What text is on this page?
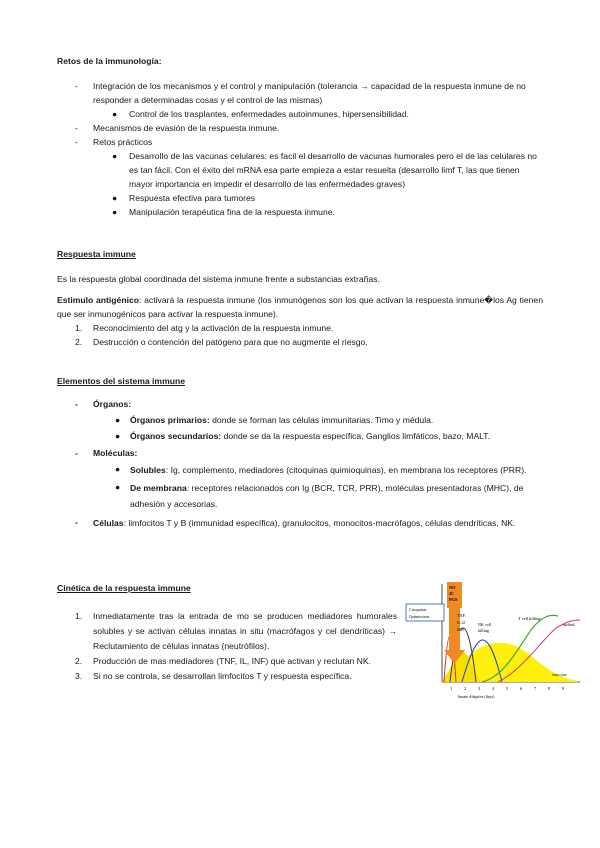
Retos de la immunología:
-	Integración de los mecanismos y el control y manipulación (tolerancia → capacidad de la respuesta inmune de no responder a determinadas cosas y el control de las mismas)
●	Control de los trasplantes, enfermedades autoinmunes, hipersensibilidad.
-	Mecanismos de evasión de la respuesta inmune.
-	Retos prácticos
●	Desarrollo de las vacunas celulares: es facil el desarrollo de vacunas humorales pero el de las celulares no es tan fácil. Con el éxito del mRNA esa parte empieza a estar resuelta (desarrollo limf T, las que tienen mayor importancia en impedir el desarrollo de las enfermedades graves)
●	Respuesta efectiva para tumores
●	Manipulación terapéutica fina de la respuesta inmune.
Respuesta immune
Es la respuesta global coordinada del sistema inmune frente a substancias extrañas.
Estimulo antigénico: activará la respuesta inmune (los inmunógenos son los que activan la respuesta inmune�los Ag tienen que ser inmunogénicos para activar la respuesta inmune).
1.	Reconocimiento del atg y la activación de la respuesta inmune.
2.	Destrucción o contención del patógeno para que no augmente el riesgo.
Elementos del sistema immune
-	Órganos:
●	Órganos primarios: donde se forman las células immunitarias. Timo y médula.
●	Órganos secundarios: donde se da la respuesta específica. Ganglios limfáticos, bazo, MALT.
-	Moléculas:
●	Solubles: Ig, complemento, mediadores (citoquinas quimioquinas), en membrana los receptores (PRR).
●	De membrana: receptores relacionados con Ig (BCR, TCR, PRR), moléculas presentadoras (MHC), de adhesión y accesorias.
-	Células: limfocitos T y B (immunidad específica), granulocitos, monocitos-macrófagos, células dendríticas, NK.
Cinética de la respuesta immune
1.	Inmediatamente tras la entrada de mo se producen mediadores humorales solubles y se activan células innatas in situ (macrófagos y cel dendríticas) → Reclutamiento de células innatas (neutrófilos).
2.	Producción de mas mediadores (TNF, IL, INF) que activan y reclutan NK.
3.	Si no se controla, se desarrollan limfocitos T y respuesta específica.
NO
2C
PGS
Citoquinas
Quimiocinas	TNF,
IL12
IFN
NK cell
killing
T cell killing
antibod.
virus titre
1	2	3	4	5	6	7	8	9
Innate Adaptive (days)
